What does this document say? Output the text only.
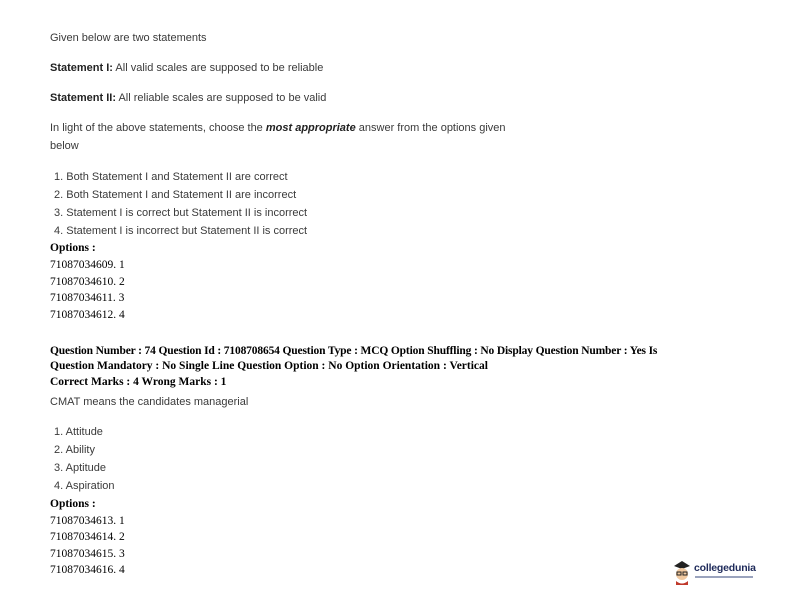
Given below are two statements
Statement I: All valid scales are supposed to be reliable
Statement II: All reliable scales are supposed to be valid
In light of the above statements, choose the most appropriate answer from the options given
below
1. Both Statement I and Statement II are correct
2. Both Statement I and Statement II are incorrect
3. Statement I is correct but Statement II is incorrect
4. Statement I is incorrect but Statement II is correct
Options :
71087034609. 1
71087034610. 2
71087034611. 3
71087034612. 4
Question Number : 74 Question Id : 7108708654 Question Type : MCQ Option Shuffling : No Display Question Number : Yes Is
Question Mandatory : No Single Line Question Option : No Option Orientation : Vertical
Correct Marks : 4 Wrong Marks : 1
CMAT means the candidates managerial
1. Attitude
2. Ability
3. Aptitude
4. Aspiration
Options :
71087034613. 1
71087034614. 2
71087034615. 3
71087034616. 4	collegedunia
